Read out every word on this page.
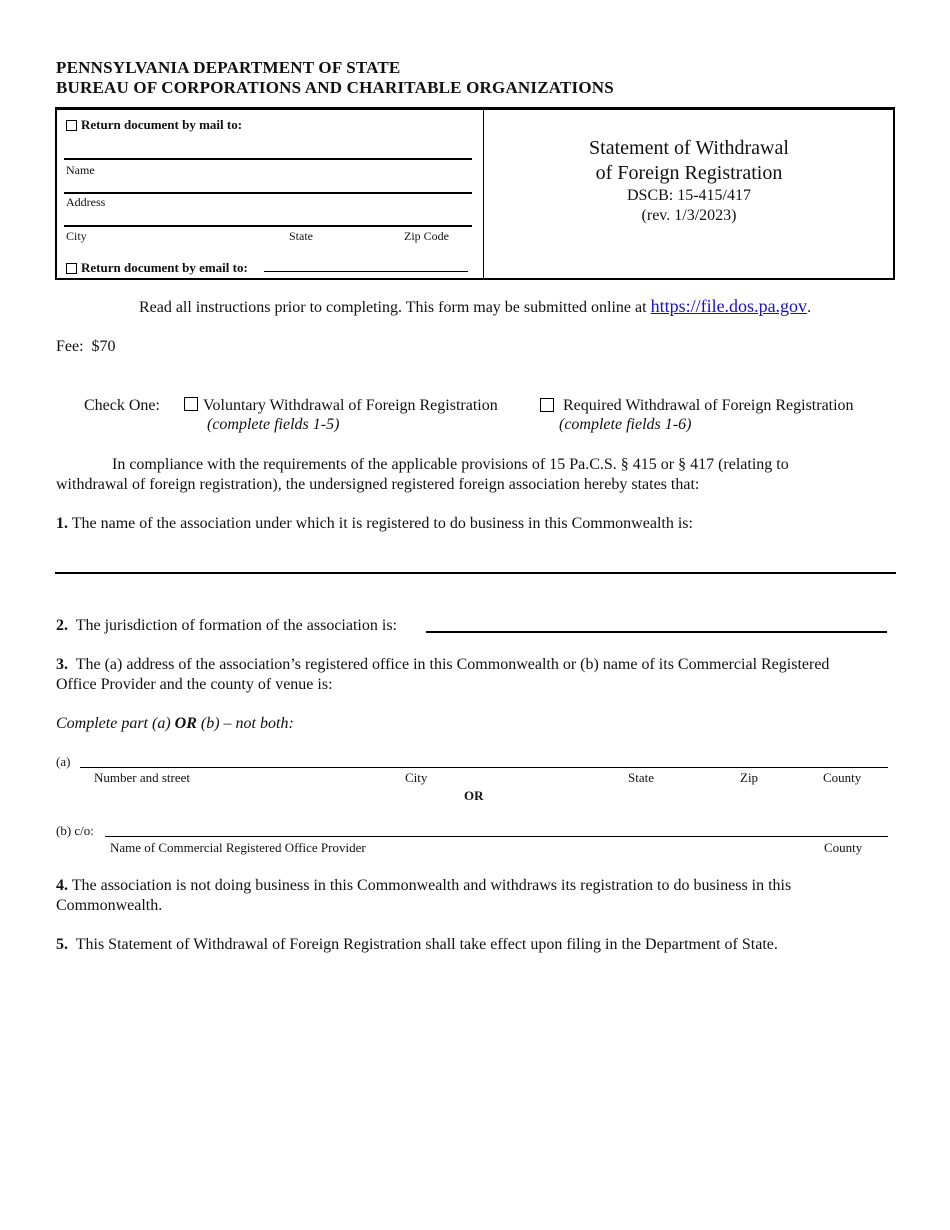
PENNSYLVANIA DEPARTMENT OF STATE
BUREAU OF CORPORATIONS AND CHARITABLE ORGANIZATIONS
Return document by mail to:
Name
Address
City	State	Zip Code
Return document by email to:
Statement of Withdrawal
of Foreign Registration
DSCB: 15-415/417
(rev. 1/3/2023)
Read all instructions prior to completing. This form may be submitted online at https://file.dos.pa.gov.
Fee:  $70
Check One:	Voluntary Withdrawal of Foreign Registration
(complete fields 1-5)
Required Withdrawal of Foreign Registration
(complete fields 1-6)
In compliance with the requirements of the applicable provisions of 15 Pa.C.S. § 415 or § 417 (relating to
withdrawal of foreign registration), the undersigned registered foreign association hereby states that:
1. The name of the association under which it is registered to do business in this Commonwealth is:
2. The jurisdiction of formation of the association is:
3. The (a) address of the association’s registered office in this Commonwealth or (b) name of its Commercial Registered
Office Provider and the county of venue is:
Complete part (a) OR (b) – not both:
(a)
Number and street	City	State	Zip	County
OR
(b) c/o:
Name of Commercial Registered Office Provider	County
4. The association is not doing business in this Commonwealth and withdraws its registration to do business in this
Commonwealth.
5. This Statement of Withdrawal of Foreign Registration shall take effect upon filing in the Department of State.
